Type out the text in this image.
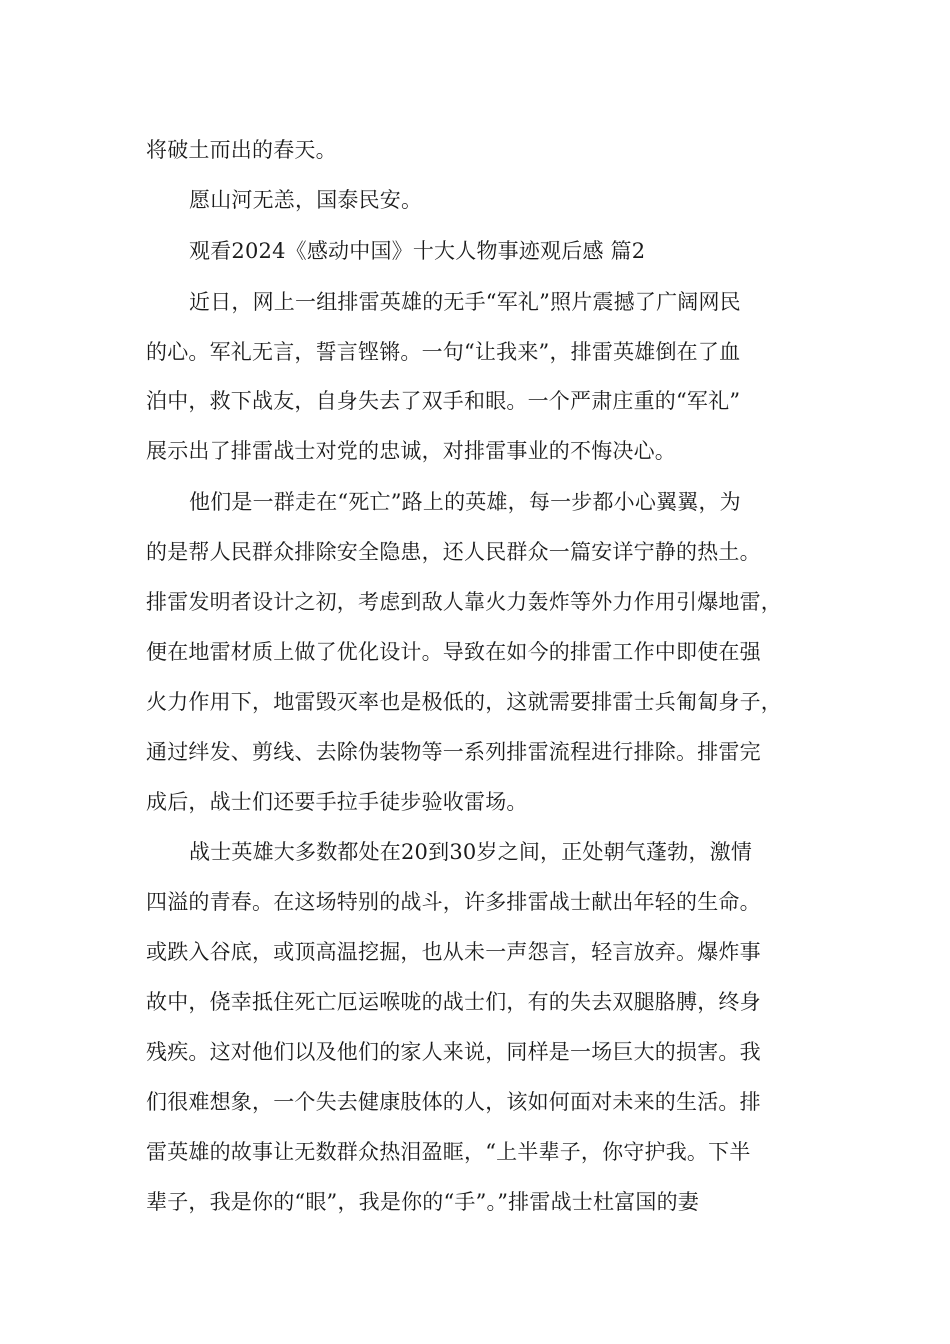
将破土而出的春天。
愿山河无恙，国泰民安。
观看2024《感动中国》十大人物事迹观后感 篇2
近日，网上一组排雷英雄的无手“军礼”照片震撼了广阔网民
的心。军礼无言，誓言铿锵。一句“让我来”，排雷英雄倒在了血
泊中，救下战友，自身失去了双手和眼。一个严肃庄重的“军礼”
展示出了排雷战士对党的忠诚，对排雷事业的不悔决心。
他们是一群走在“死亡”路上的英雄，每一步都小心翼翼，为
的是帮人民群众排除安全隐患，还人民群众一篇安详宁静的热土。
排雷发明者设计之初，考虑到敌人靠火力轰炸等外力作用引爆地雷，
便在地雷材质上做了优化设计。导致在如今的排雷工作中即使在强
火力作用下，地雷毁灭率也是极低的，这就需要排雷士兵匍匐身子，
通过绊发、剪线、去除伪装物等一系列排雷流程进行排除。排雷完
成后，战士们还要手拉手徒步验收雷场。
战士英雄大多数都处在20到30岁之间，正处朝气蓬勃，激情
四溢的青春。在这场特别的战斗，许多排雷战士献出年轻的生命。
或跌入谷底，或顶高温挖掘，也从未一声怨言，轻言放弃。爆炸事
故中，侥幸抵住死亡厄运喉咙的战士们，有的失去双腿胳膊，终身
残疾。这对他们以及他们的家人来说，同样是一场巨大的损害。我
们很难想象，一个失去健康肢体的人，该如何面对未来的生活。排
雷英雄的故事让无数群众热泪盈眶，“上半辈子，你守护我。下半
辈子，我是你的“眼”，我是你的“手”。”排雷战士杜富国的妻
